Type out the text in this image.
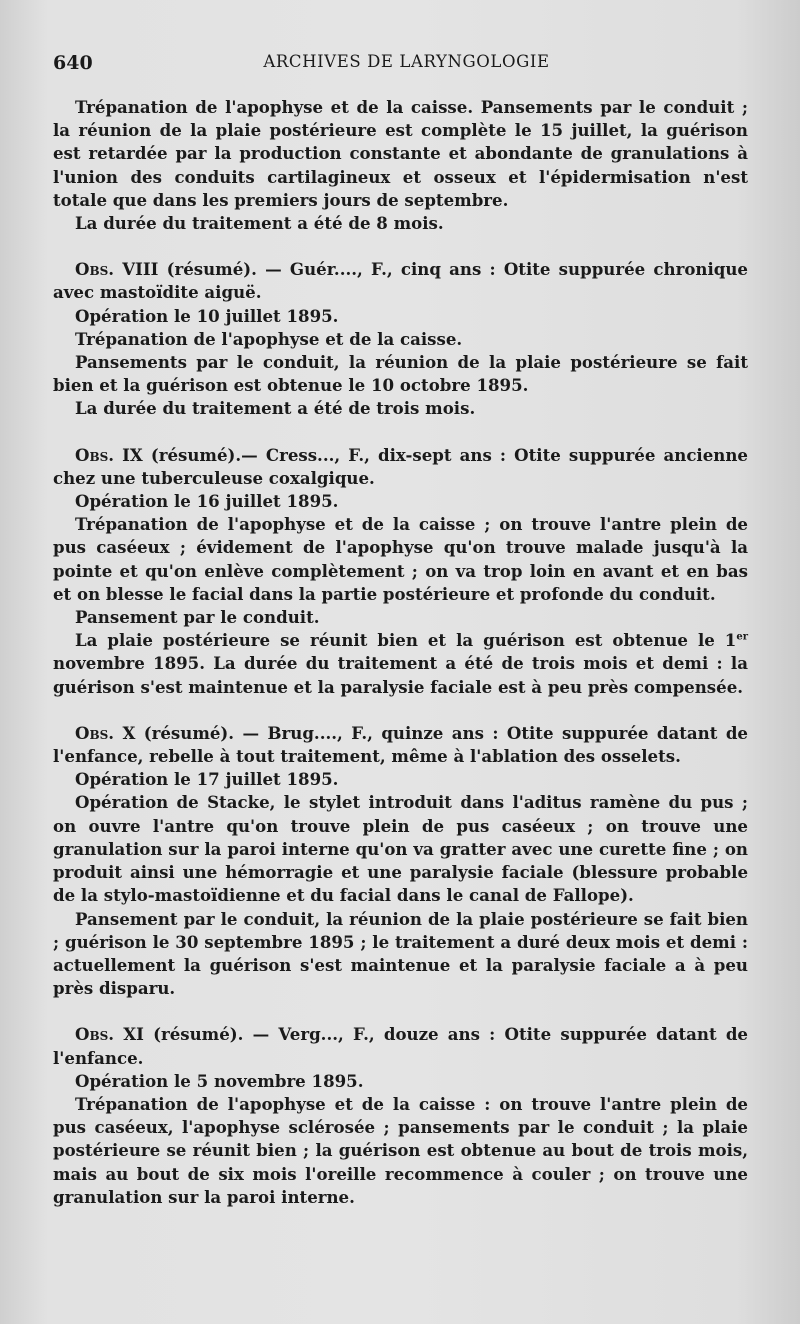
640	ARCHIVES DE LARYNGOLOGIE

Trépanation de l'apophyse et de la caisse. Pansements par le conduit ; la réunion de la plaie postérieure est complète le 15 juillet, la guérison est retardée par la production constante et abondante de granulations à l'union des conduits cartilagineux et osseux et l'épidermisation n'est totale que dans les premiers jours de septembre.

La durée du traitement a été de 8 mois.

Obs. VIII (résumé). — Guér...., F., cinq ans : Otite suppurée chronique avec mastoïdite aiguë.

Opération le 10 juillet 1895.

Trépanation de l'apophyse et de la caisse.

Pansements par le conduit, la réunion de la plaie postérieure se fait bien et la guérison est obtenue le 10 octobre 1895.

La durée du traitement a été de trois mois.

Obs. IX (résumé).— Cress..., F., dix-sept ans : Otite suppurée ancienne chez une tuberculeuse coxalgique.

Opération le 16 juillet 1895.

Trépanation de l'apophyse et de la caisse ; on trouve l'antre plein de pus caséeux ; évidement de l'apophyse qu'on trouve malade jusqu'à la pointe et qu'on enlève complètement ; on va trop loin en avant et en bas et on blesse le facial dans la partie postérieure et profonde du conduit.

Pansement par le conduit.

La plaie postérieure se réunit bien et la guérison est obtenue le 1er novembre 1895. La durée du traitement a été de trois mois et demi : la guérison s'est maintenue et la paralysie faciale est à peu près compensée.

Obs. X (résumé). — Brug...., F., quinze ans : Otite suppurée datant de l'enfance, rebelle à tout traitement, même à l'ablation des osselets.

Opération le 17 juillet 1895.

Opération de Stacke, le stylet introduit dans l'aditus ramène du pus ; on ouvre l'antre qu'on trouve plein de pus caséeux ; on trouve une granulation sur la paroi interne qu'on va gratter avec une curette fine ; on produit ainsi une hémorragie et une paralysie faciale (blessure probable de la stylo-mastoïdienne et du facial dans le canal de Fallope).

Pansement par le conduit, la réunion de la plaie postérieure se fait bien ; guérison le 30 septembre 1895 ; le traitement a duré deux mois et demi : actuellement la guérison s'est maintenue et la paralysie faciale a à peu près disparu.

Obs. XI (résumé). — Verg..., F., douze ans : Otite suppurée datant de l'enfance.

Opération le 5 novembre 1895.

Trépanation de l'apophyse et de la caisse : on trouve l'antre plein de pus caséeux, l'apophyse sclérosée ; pansements par le conduit ; la plaie postérieure se réunit bien ; la guérison est obtenue au bout de trois mois, mais au bout de six mois l'oreille recommence à couler ; on trouve une granulation sur la paroi interne.
